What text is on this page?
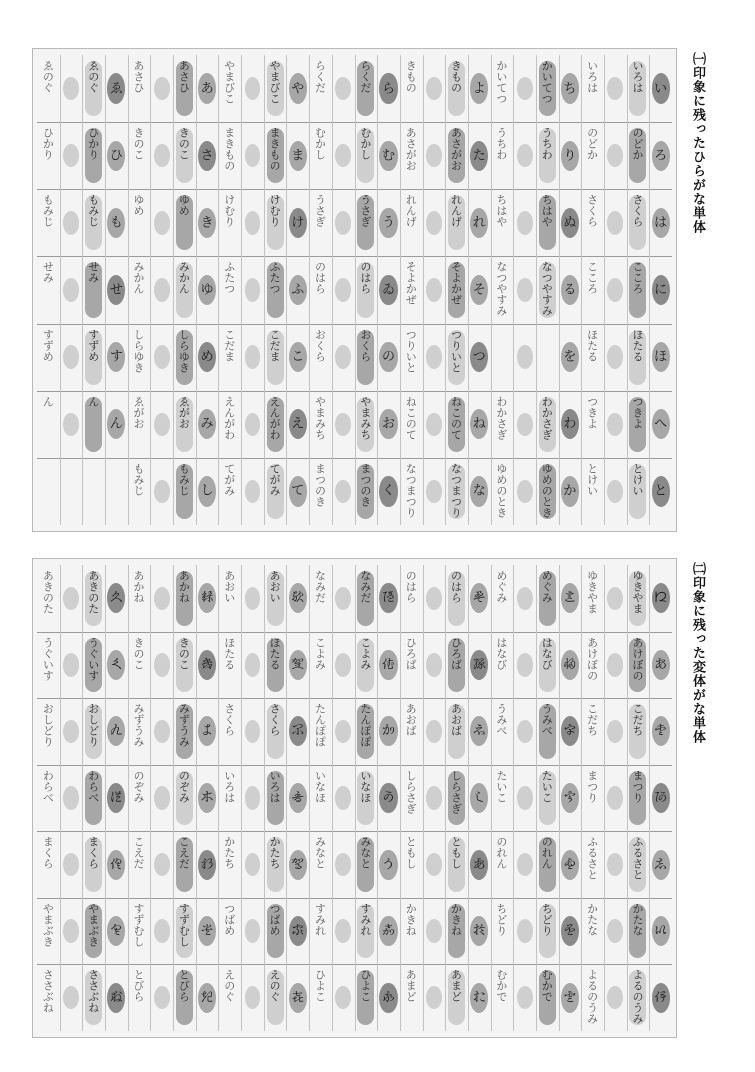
㈠印象に残ったひらがな単体
㈡印象に残った変体がな単体
い
いろは
いろは
ろ
のどか
のどか
は
さくら
さくら
に
こころ
こころ
ほ
ほたる
ほたる
へ
つきよ
つきよ
と
とけい
とけい
ち
かいてつ
かいてつ
り
うちわ
うちわ
ぬ
ちはや
ちはや
る
なつやすみ
なつやすみ
を
わ
わかさぎ
わかさぎ
か
ゆめのとき
ゆめのとき
よ
きもの
きもの
た
あさがお
あさがお
れ
れんげ
れんげ
そ
そよかぜ
そよかぜ
つ
つりいと
つりいと
ね
ねこのて
ねこのて
な
なつまつり
なつまつり
ら
らくだ
らくだ
む
むかし
むかし
う
うさぎ
うさぎ
ゐ
のはら
のはら
の
おくら
おくら
お
やまみち
やまみち
く
まつのき
まつのき
や
やまびこ
やまびこ
ま
まきもの
まきもの
け
けむり
けむり
ふ
ふたつ
ふたつ
こ
こだま
こだま
え
えんがわ
えんがわ
て
てがみ
てがみ
あ
あさひ
あさひ
さ
きのこ
きのこ
き
ゆめ
ゆめ
ゆ
みかん
みかん
め
しらゆき
しらゆき
み
ゑがお
ゑがお
し
もみじ
もみじ
ゑ
ゑのぐ
ゑのぐ
ひ
ひかり
ひかり
も
もみじ
もみじ
せ
せみ
せみ
す
すずめ
すずめ
ん
ん
ん
𛀁
ゆきやま
ゆきやま
𛀂
あけぼの
あけぼの
𛀃
こだち
こだち
𛀄
まつり
まつり
𛀅
ふるさと
ふるさと
𛀆
かたな
かたな
𛀇
よるのうみ
よるのうみ
𛀈
めぐみ
めぐみ
𛀉
はなび
はなび
𛀊
うみべ
うみべ
𛀋
たいこ
たいこ
𛀌
のれん
のれん
𛀍
ちどり
ちどり
𛀎
むかで
むかで
𛀏
のはら
のはら
𛀐
ひろば
ひろば
𛀑
あおば
あおば
𛀒
しらさぎ
しらさぎ
𛀓
ともし
ともし
𛀔
かきね
かきね
𛀕
あまど
あまど
𛀖
なみだ
なみだ
𛀗
こよみ
こよみ
𛀘
たんぽぽ
たんぽぽ
𛀙
いなほ
いなほ
𛀚
みなと
みなと
𛀛
すみれ
すみれ
𛀜
ひよこ
ひよこ
𛀝
あおい
あおい
𛀞
ほたる
ほたる
𛀟
さくら
さくら
𛀠
いろは
いろは
𛀡
かたち
かたち
𛀢
つばめ
つばめ
𛀣
えのぐ
えのぐ
𛀤
あかね
あかね
𛀥
きのこ
きのこ
𛀦
みずうみ
みずうみ
𛀧
のぞみ
のぞみ
𛀨
こえだ
こえだ
𛀩
すずむし
すずむし
𛀪
とびら
とびら
𛀫
あきのた
あきのた
𛀬
うぐいす
うぐいす
𛀭
おしどり
おしどり
𛀮
わらべ
わらべ
𛀯
まくら
まくら
𛀰
やまぶき
やまぶき
𛀱
ささぶね
ささぶね
